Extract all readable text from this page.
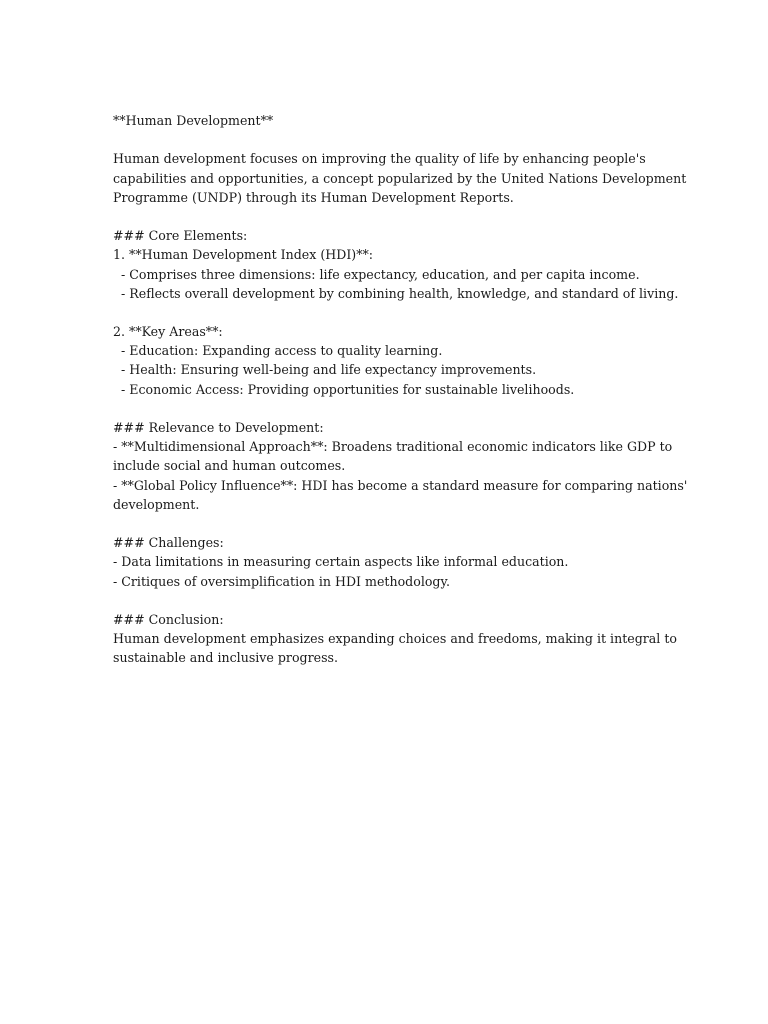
**Human Development**
Human development focuses on improving the quality of life by enhancing people's
capabilities and opportunities, a concept popularized by the United Nations Development
Programme (UNDP) through its Human Development Reports.
### Core Elements:
1. **Human Development Index (HDI)**:
- Comprises three dimensions: life expectancy, education, and per capita income.
- Reflects overall development by combining health, knowledge, and standard of living.
2. **Key Areas**:
- Education: Expanding access to quality learning.
- Health: Ensuring well-being and life expectancy improvements.
- Economic Access: Providing opportunities for sustainable livelihoods.
### Relevance to Development:
- **Multidimensional Approach**: Broadens traditional economic indicators like GDP to
include social and human outcomes.
- **Global Policy Influence**: HDI has become a standard measure for comparing nations'
development.
### Challenges:
- Data limitations in measuring certain aspects like informal education.
- Critiques of oversimplification in HDI methodology.
### Conclusion:
Human development emphasizes expanding choices and freedoms, making it integral to
sustainable and inclusive progress.
